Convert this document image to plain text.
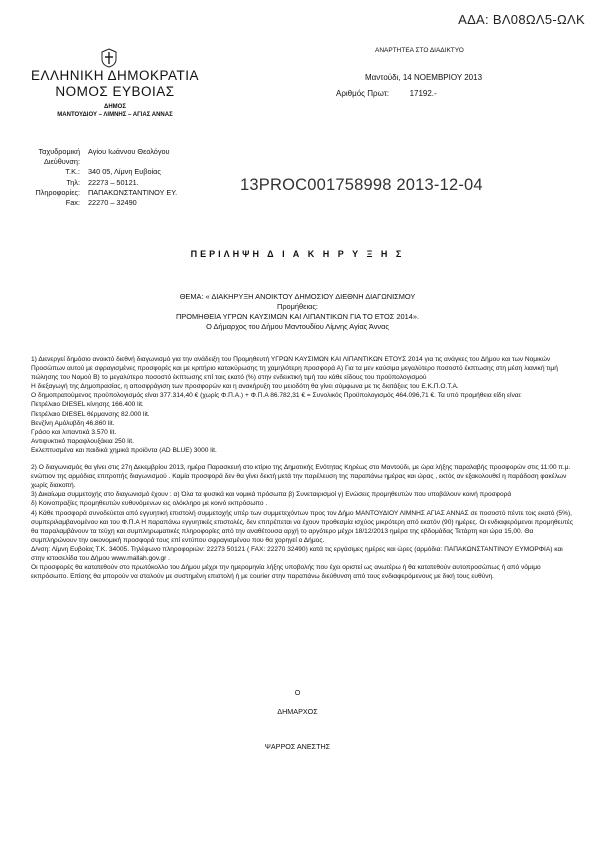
ΑΔΑ: ΒΛ08ΩΛ5-ΩΛΚ
ΕΛΛΗΝΙΚΗ ΔΗΜΟΚΡΑΤΙΑ
ΝΟΜΟΣ ΕΥΒΟΙΑΣ
ΔΗΜΟΣ
ΜΑΝΤΟΥΔΙΟΥ – ΛΙΜΝΗΣ – ΑΓΙΑΣ ΑΝΝΑΣ
ΑΝΑΡΤΗΤΕΑ ΣΤΟ ΔΙΑΔΙΚΤΥΟ
Μαντούδι, 14 ΝΟΕΜΒΡΙΟΥ 2013
Αριθμός Πρωτ:	17192.-
Ταχυδρομική Διεύθυνση:
Αγίου Ιωάννου Θεολόγου
Τ.Κ.:	340 05, Λίμνη Ευβοίας
Τηλ:	22273 – 50121.
Πληροφορίες:	ΠΑΠΑΚΩΝΣΤΑΝΤΙΝΟΥ ΕΥ.
Fax:	22270 – 32490
13PROC001758998 2013-12-04
ΠΕΡΙΛΗΨΗ Δ Ι Α Κ Η Ρ Υ Ξ Η Σ
ΘΕΜΑ: « ΔΙΑΚΗΡΥΞΗ ΑΝΟΙΚΤΟΥ ΔΗΜΟΣΙΟΥ ΔΙΕΘΝΗ ΔΙΑΓΩΝΙΣΜΟΥ
Προμήθειας:
ΠΡΟΜΗΘΕΙΑ ΥΓΡΩΝ ΚΑΥΣΙΜΩΝ ΚΑΙ ΛΙΠΑΝΤΙΚΩΝ ΓΙΑ ΤΟ ΕΤΟΣ 2014».
Ο Δήμαρχος του Δήμου Μαντουδίου Λίμνης Αγίας Άννας

1) Διενεργεί δημόσιο ανοικτό διεθνή διαγωνισμό για την ανάδειξη του Προμηθευτή ΥΓΡΩΝ ΚΑΥΣΙΜΩΝ ΚΑΙ ΛΙΠΑΝΤΙΚΩΝ ΕΤΟΥΣ 2014 για τις ανάγκες του Δήμου και των Νομικών Προσώπων αυτού με σφραγισμένες προσφορές και με κριτήριο κατακύρωσης τη χαμηλότερη προσφορά Α) Για τα μεν καύσιμα μεγαλύτερο ποσοστό έκπτωσης στη μέση λιανική τιμή πώλησης του Νομού Β) το μεγαλύτερο ποσοστό έκπτωσης επί τοις εκατό (%) στην ενδεικτική τιμή του κάθε είδους του προϋπολογισμού

Η διεξαγωγή της Δημοπρασίας, η αποσφράγιση των προσφορών και η ανακήρυξη του μειοδότη θα γίνει σύμφωνα με τις διατάξεις του Ε.Κ.Π.Ο.Τ.Α.

Ο δημοπρατούμενος προϋπολογισμός είναι 377.314,40 € (χωρίς Φ.Π.Α.) + Φ.Π.Α 86.782,31 € = Συνολικός Προϋπολογισμός 464.096,71 €. Τα υπό προμήθεια είδη είναι:

Πετρέλαιο DIESEL κίνησης 166.400 lit.

Πετρέλαιο DIESEL θέρμανσης 82.000 lit.

Βενζίνη Αμόλυβδη 46.860 lit.

Γράσο και λιπαντικά 3.570 lit.

Αντιψυκτικό παραφλουξάκια 250 lit.

Εκλεπτυσμένα και παιδικά χημικά προϊόντα (AD BLUE) 3000 lit.

2) Ο διαγωνισμός θα γίνει στις 27η Δεκεμβρίου 2013, ημέρα Παρασκευή στο κτίριο της Δημοτικής Ενότητας Κηρέως στο Μαντούδι, με ώρα λήξης παραλαβής προσφορών στις 11:00 π.μ. ενώπιον της αρμόδιας επιτροπής διαγωνισμού . Καμία προσφορά δεν θα γίνει δεκτή μετά την παρέλευση της παραπάνω ημέρας και ώρας , εκτός αν εξακολουθεί η παράδοση φακέλων χωρίς διακοπή.

3) Δικαίωμα συμμετοχής στο διαγωνισμό έχουν : α) Όλα τα φυσικά και νομικά πρόσωπα β) Συνεταιρισμοί γ) Ενώσεις προμηθευτών που υποβάλουν κοινή προσφορά

δ) Κοινοπραξίες προμηθευτών ευθυνόμενων εις ολόκληρο με κοινό εκπρόσωπο .

4) Κάθε προσφορά συνοδεύεται από εγγυητική επιστολή συμμετοχής υπέρ των συμμετεχόντων προς τον Δήμο ΜΑΝΤΟΥΔΙΟΥ ΛΙΜΝΗΣ ΑΓΙΑΣ ΑΝΝΑΣ σε ποσοστό πέντε τοις εκατό (5%), συμπεριλαμβανομένου και του Φ.Π.Α Η παραπάνω εγγυητικές επιστολές, δεν επιτρέπεται να έχουν προθεσμία ισχύος μικρότερη από εκατόν (90) ημέρες. Οι ενδιαφερόμενοι προμηθευτές θα παραλαμβάνουν τα τεύχη και συμπληρωματικές πληροφορίες από την αναθέτουσα αρχή το αργότερο μέχρι 18/12/2013 ημέρα της εβδομάδας Τετάρτη και ώρα 15,00. Θα συμπληρώνουν την οικονομική προσφορά τους επί εντύπου σφραγισμένου που θα χορηγεί ο Δήμος.

Δ/νση: Λίμνη Ευβοίας Τ.Κ. 34005. Τηλέφωνο πληροφοριών: 22273 50121 ( FAX: 22270 32490) κατά τις εργάσιμες ημέρες και ώρες (αρμόδια: ΠΑΠΑΚΩΝΣΤΑΝΤΙΝΟΥ ΕΥΜΟΡΦΙΑ) και στην ιστοσελίδα του Δήμου www.mallah.gov.gr .

Οι προσφορές θα κατατεθούν στο πρωτόκολλο του Δήμου μέχρι την ημερομηνία λήξης υποβολής που έχει οριστεί ως ανωτέρω ή θα κατατεθούν αυτοπροσώπως ή από νόμιμο εκπρόσωπο. Επίσης θα μπορούν να σταλούν με συστημένη επιστολή ή με courier στην παραπάνω διεύθυνση από τους ενδιαφερόμενους με δική τους ευθύνη.

Ο
ΔΗΜΑΡΧΟΣ
ΨΑΡΡΟΣ ΑΝΕΣΤΗΣ
